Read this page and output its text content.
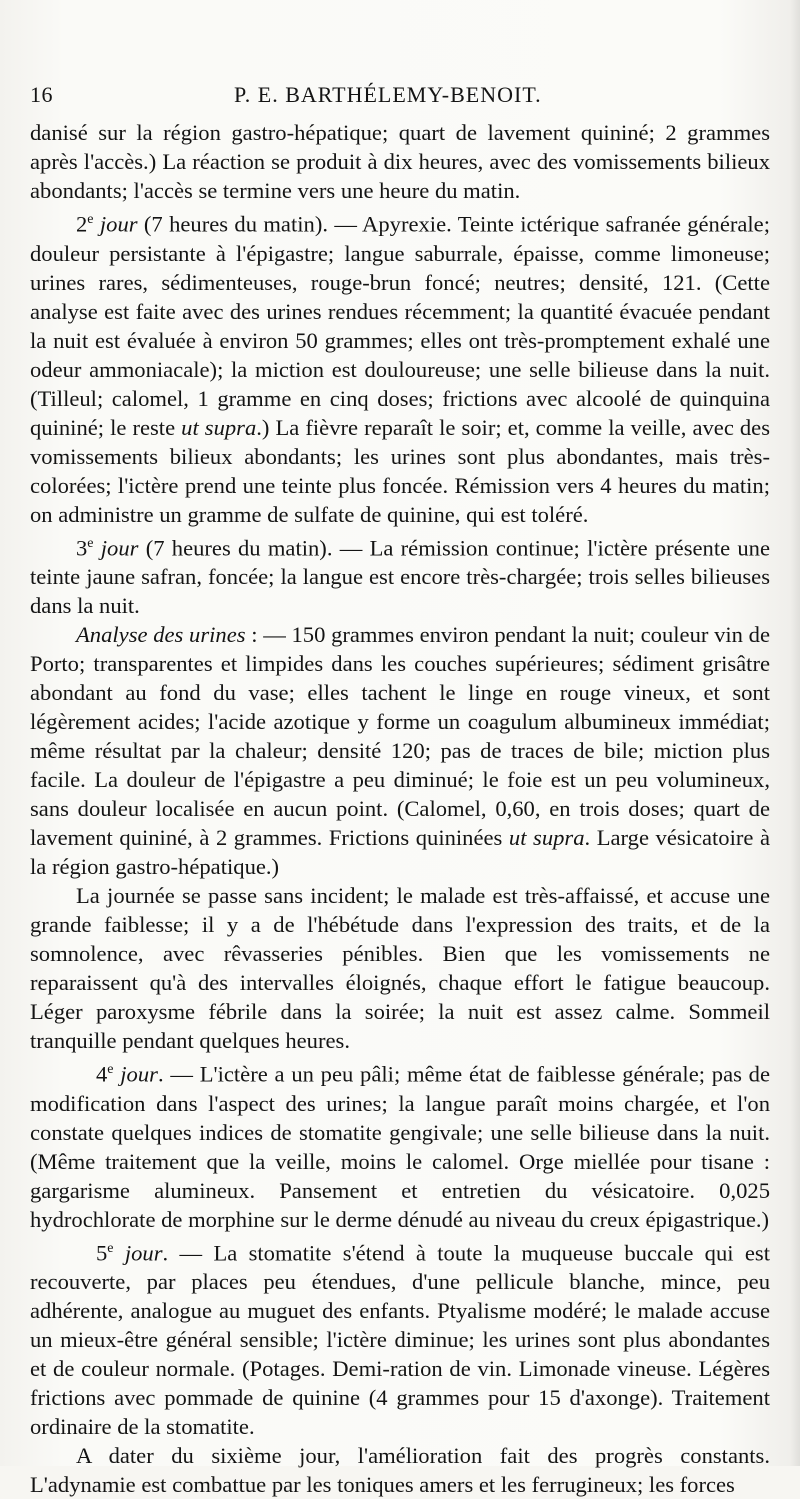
16	P. E. BARTHÉLEMY-BENOIT.

danisé sur la région gastro-hépatique; quart de lavement quininé; 2 grammes après l'accès.) La réaction se produit à dix heures, avec des vomissements bilieux abondants; l'accès se termine vers une heure du matin.

2e jour (7 heures du matin). — Apyrexie. Teinte ictérique safranée générale; douleur persistante à l'épigastre; langue saburrale, épaisse, comme limoneuse; urines rares, sédimenteuses, rouge-brun foncé; neutres; densité, 121. (Cette analyse est faite avec des urines rendues récemment; la quantité évacuée pendant la nuit est évaluée à environ 50 grammes; elles ont très-promptement exhalé une odeur ammoniacale); la miction est douloureuse; une selle bilieuse dans la nuit. (Tilleul; calomel, 1 gramme en cinq doses; frictions avec alcoolé de quinquina quininé; le reste ut supra.) La fièvre reparaît le soir; et, comme la veille, avec des vomissements bilieux abondants; les urines sont plus abondantes, mais très-colorées; l'ictère prend une teinte plus foncée. Rémission vers 4 heures du matin; on administre un gramme de sulfate de quinine, qui est toléré.

3e jour (7 heures du matin). — La rémission continue; l'ictère présente une teinte jaune safran, foncée; la langue est encore très-chargée; trois selles bilieuses dans la nuit.

Analyse des urines : — 150 grammes environ pendant la nuit; couleur vin de Porto; transparentes et limpides dans les couches supérieures; sédiment grisâtre abondant au fond du vase; elles tachent le linge en rouge vineux, et sont légèrement acides; l'acide azotique y forme un coagulum albumineux immédiat; même résultat par la chaleur; densité 120; pas de traces de bile; miction plus facile. La douleur de l'épigastre a peu diminué; le foie est un peu volumineux, sans douleur localisée en aucun point. (Calomel, 0,60, en trois doses; quart de lavement quininé, à 2 grammes. Frictions quininées ut supra. Large vésicatoire à la région gastro-hépatique.)

La journée se passe sans incident; le malade est très-affaissé, et accuse une grande faiblesse; il y a de l'hébétude dans l'expression des traits, et de la somnolence, avec rêvasseries pénibles. Bien que les vomissements ne reparaissent qu'à des intervalles éloignés, chaque effort le fatigue beaucoup. Léger paroxysme fébrile dans la soirée; la nuit est assez calme. Sommeil tranquille pendant quelques heures.

4e jour. — L'ictère a un peu pâli; même état de faiblesse générale; pas de modification dans l'aspect des urines; la langue paraît moins chargée, et l'on constate quelques indices de stomatite gengivale; une selle bilieuse dans la nuit. (Même traitement que la veille, moins le calomel. Orge miellée pour tisane : gargarisme alumineux. Pansement et entretien du vésicatoire. 0,025 hydrochlorate de morphine sur le derme dénudé au niveau du creux épigastrique.)

5e jour. — La stomatite s'étend à toute la muqueuse buccale qui est recouverte, par places peu étendues, d'une pellicule blanche, mince, peu adhérente, analogue au muguet des enfants. Ptyalisme modéré; le malade accuse un mieux-être général sensible; l'ictère diminue; les urines sont plus abondantes et de couleur normale. (Potages. Demi-ration de vin. Limonade vineuse. Légères frictions avec pommade de quinine (4 grammes pour 15 d'axonge). Traitement ordinaire de la stomatite.

A dater du sixième jour, l'amélioration fait des progrès constants. L'adynamie est combattue par les toniques amers et les ferrugineux; les forces
